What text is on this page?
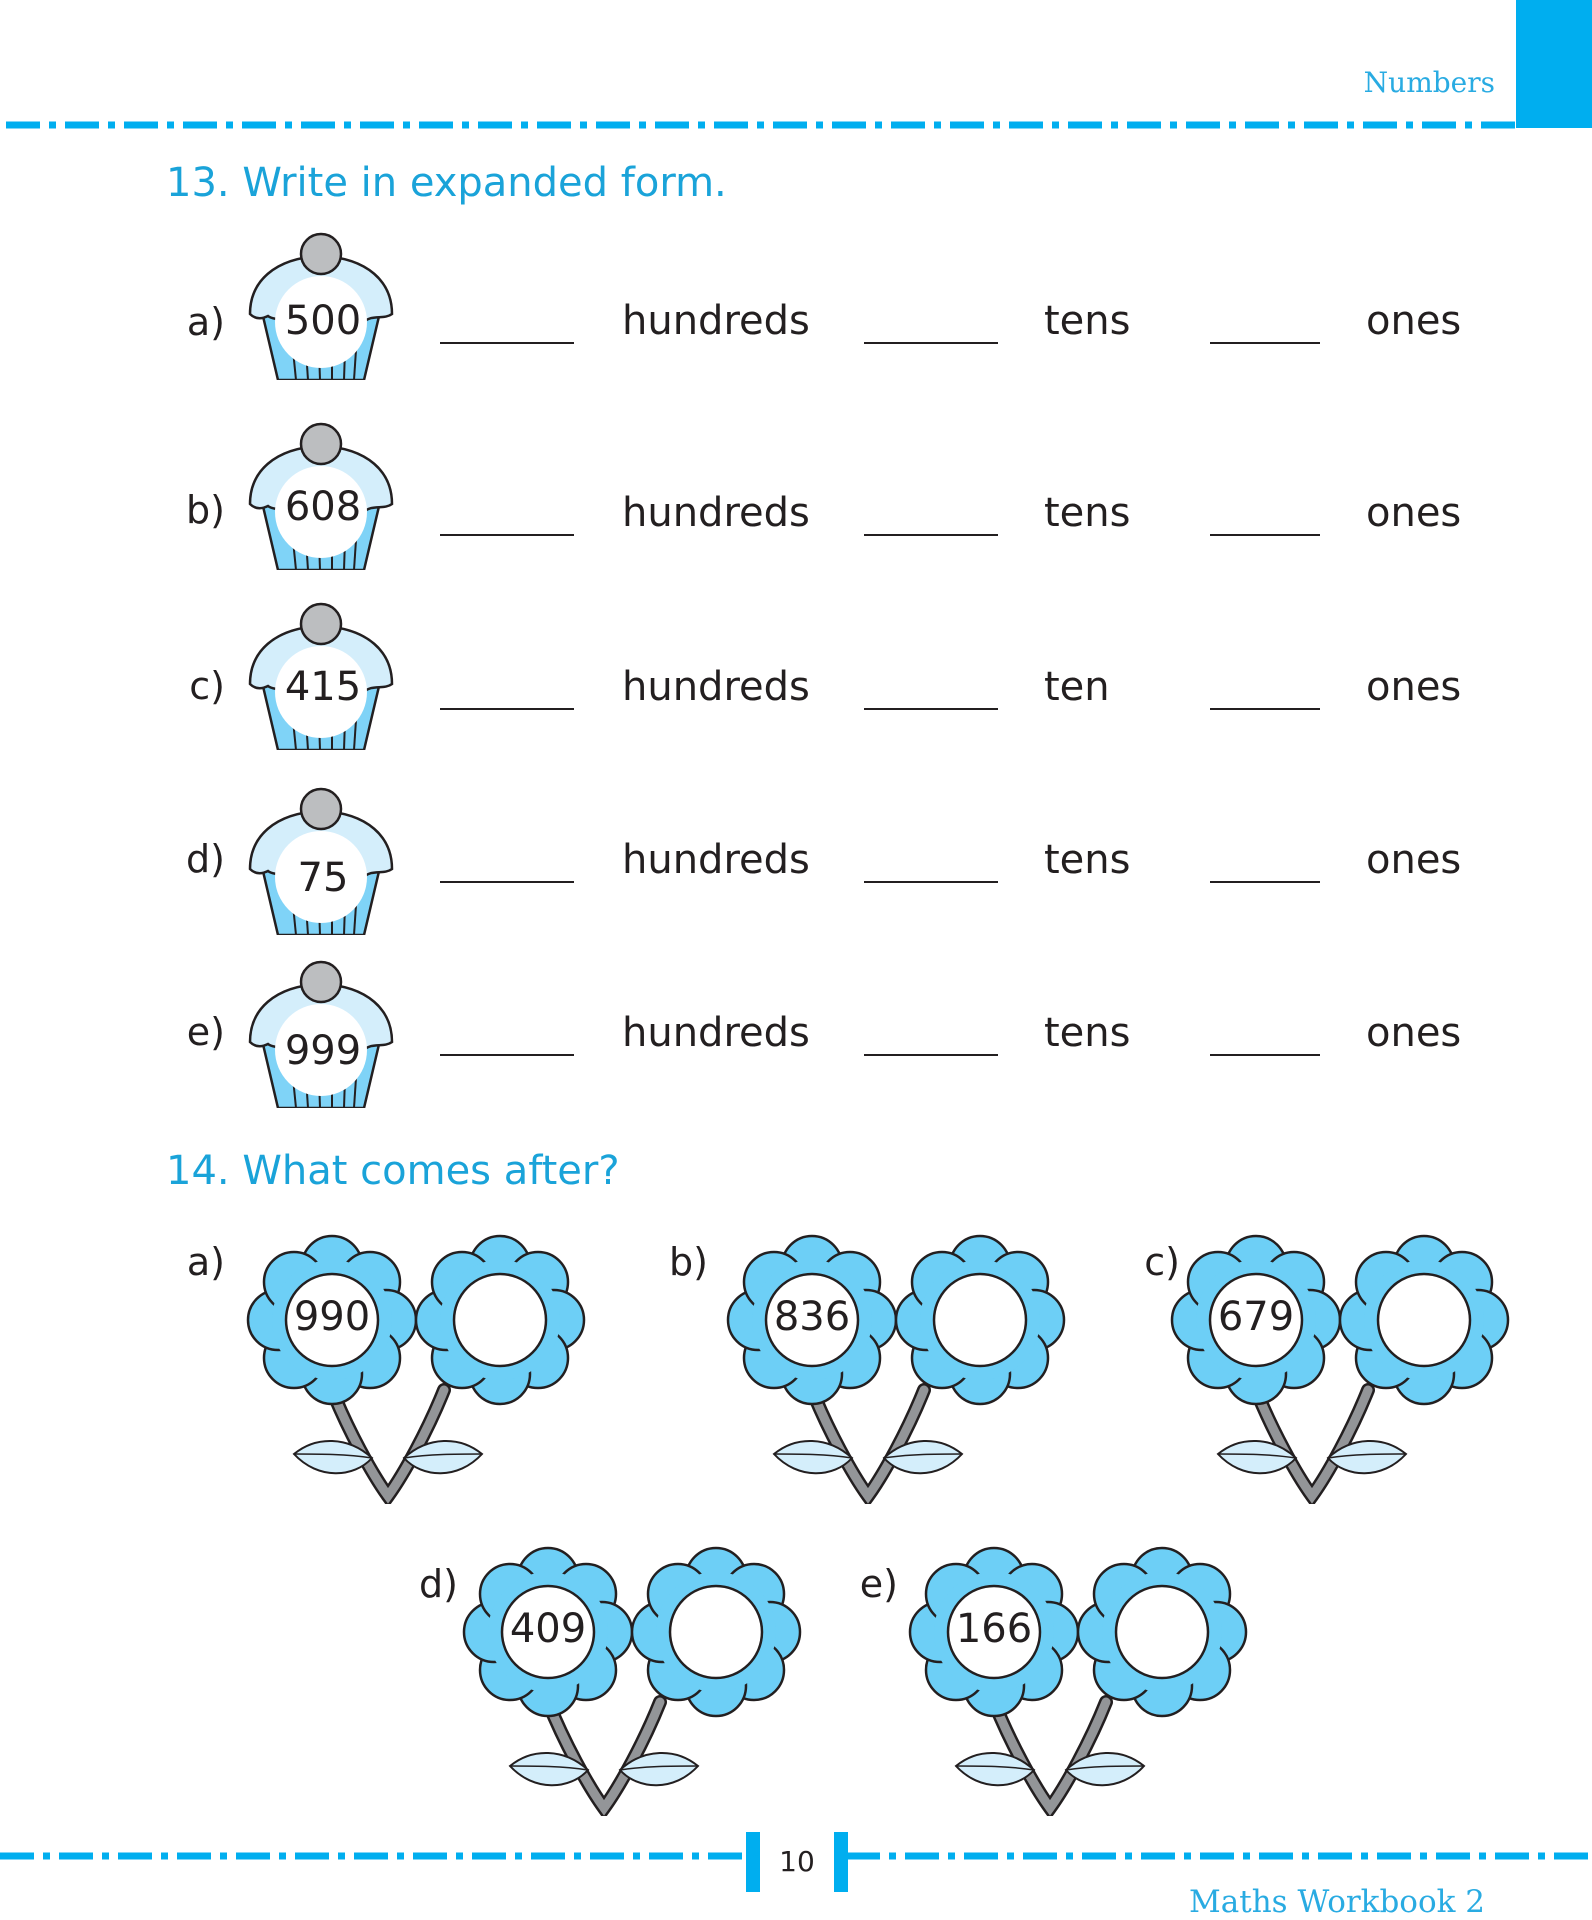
Numbers
13. Write in expanded form.
a)	500	hundreds	tens	ones
b)	608	hundreds	tens	ones
c)	415	hundreds	ten	ones
d)	75	hundreds	tens	ones
e)	999	hundreds	tens	ones
14. What comes after?
a)
990
b)
836
c)
679
d)
409
e)
166
10
Maths Workbook 2
